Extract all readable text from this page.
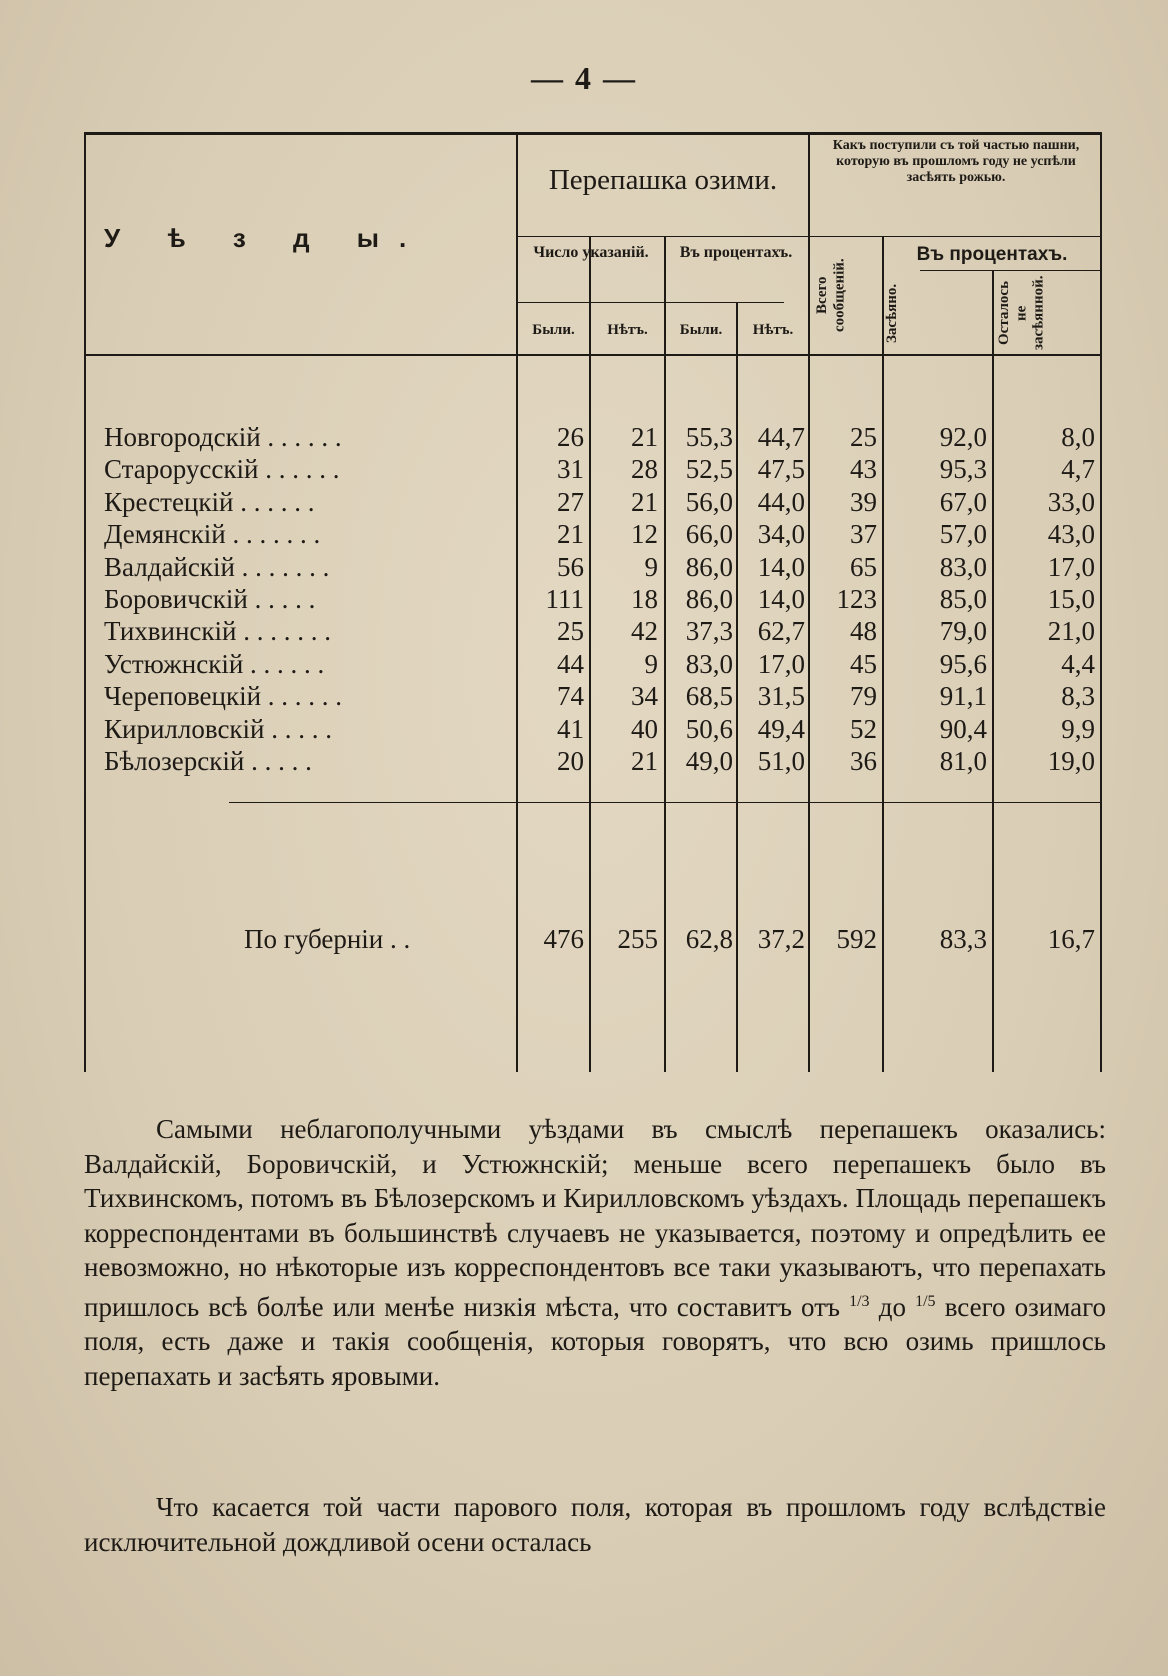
— 4 —
У ѣ з д ы.
Перепашка озими.
Число указаній.	Въ процентахъ.
Были.	Нѣтъ.	Были.	Нѣтъ.
Какъ поступили съ той частью пашни, которую въ прошломъ году не успѣли засѣять рожью.
Всего сообщеній.
Въ процентахъ.
Засѣяно.	Осталось не засѣянной.
Новгородскій . . . . . .	26	21	55,3 44,7	25	92,0	8,0
Старорусскій . . . . . .	31	28	52,5 47,5	43	95,3	4,7
Крестецкій . . . . . .	27	21	56,0 44,0	39	67,0	33,0
Демянскій . . . . . . .	21	12	66,0 34,0	37	57,0	43,0
Валдайскій . . . . . . .	56	9	86,0 14,0	65	83,0	17,0
Боровичскій . . . . .	111	18	86,0 14,0	123	85,0	15,0
Тихвинскій . . . . . . .	25	42	37,3 62,7	48	79,0	21,0
Устюжнскій . . . . . .	44	9	83,0 17,0	45	95,6	4,4
Череповецкій . . . . . .	74	34	68,5 31,5	79	91,1	8,3
Кирилловскій . . . . .	41	40	50,6 49,4	52	90,4	9,9
Бѣлозерскій . . . . .	20	21	49,0 51,0	36	81,0	19,0
По губерніи . .	476	255	62,8 37,2	592	83,3	16,7

Самыми неблагополучными уѣздами въ смыслѣ перепашекъ оказались: Валдайскій, Боровичскій, и Устюжнскій; меньше всего перепашекъ было въ Тихвинскомъ, потомъ въ Бѣлозерскомъ и Кирилловскомъ уѣздахъ. Площадь перепашекъ корреспондентами въ большинствѣ случаевъ не указывается, поэтому и опредѣлить ее невозможно, но нѣкоторые изъ корреспондентовъ все таки указываютъ, что перепахать пришлось всѣ болѣе или менѣе низкія мѣста, что составитъ отъ $^{1/3}$ до $^{1/5}$ всего озимаго поля, есть даже и такія сообщенія, которыя говорятъ, что всю озимь пришлось перепахать и засѣять яровыми.

Что касается той части парового поля, которая въ прошломъ году вслѣдствіе исключительной дождливой осени осталась
